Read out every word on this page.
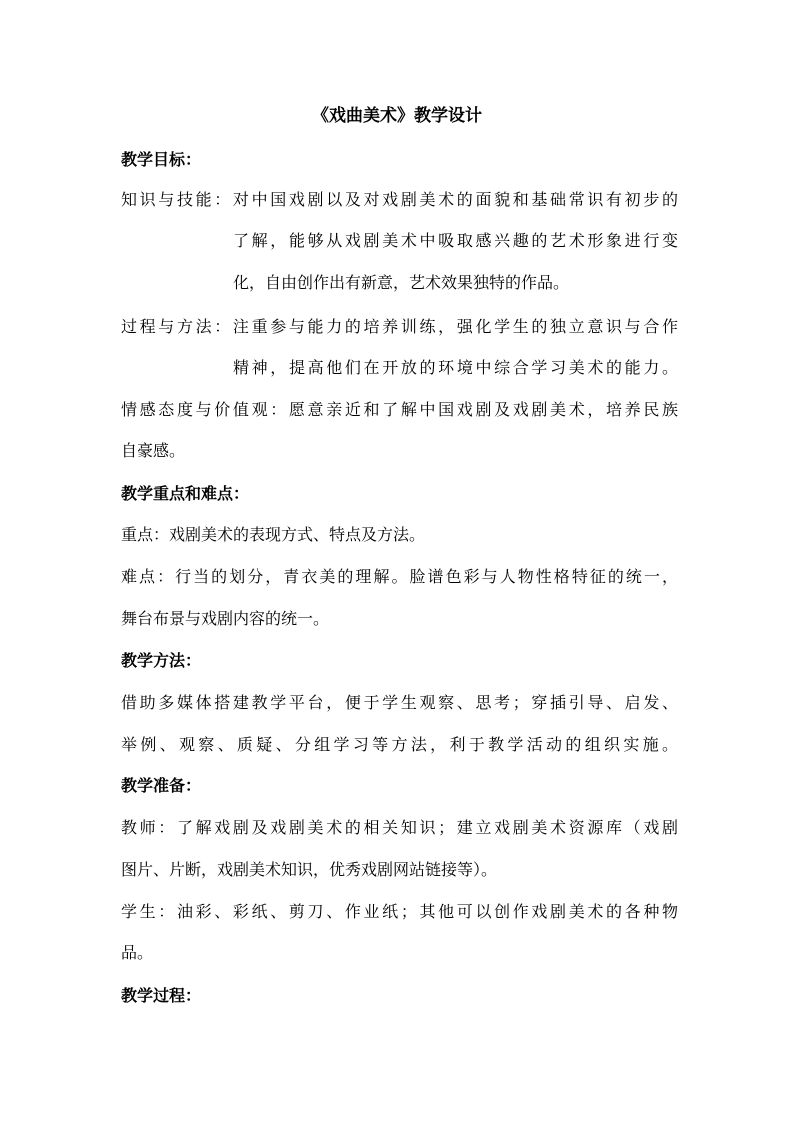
《戏曲美术》教学设计
教学目标：
知识与技能：对中国戏剧以及对戏剧美术的面貌和基础常识有初步的
了解，能够从戏剧美术中吸取感兴趣的艺术形象进行变
化，自由创作出有新意，艺术效果独特的作品。
过程与方法：注重参与能力的培养训练，强化学生的独立意识与合作
精神，提高他们在开放的环境中综合学习美术的能力。
情感态度与价值观：愿意亲近和了解中国戏剧及戏剧美术，培养民族
自豪感。
教学重点和难点：
重点：戏剧美术的表现方式、特点及方法。
难点：行当的划分，青衣美的理解。脸谱色彩与人物性格特征的统一，
舞台布景与戏剧内容的统一。
教学方法：
借助多媒体搭建教学平台，便于学生观察、思考；穿插引导、启发、
举例、观察、质疑、分组学习等方法，利于教学活动的组织实施。
教学准备：
教师：了解戏剧及戏剧美术的相关知识；建立戏剧美术资源库（戏剧
图片、片断，戏剧美术知识，优秀戏剧网站链接等）。
学生：油彩、彩纸、剪刀、作业纸；其他可以创作戏剧美术的各种物
品。
教学过程：
